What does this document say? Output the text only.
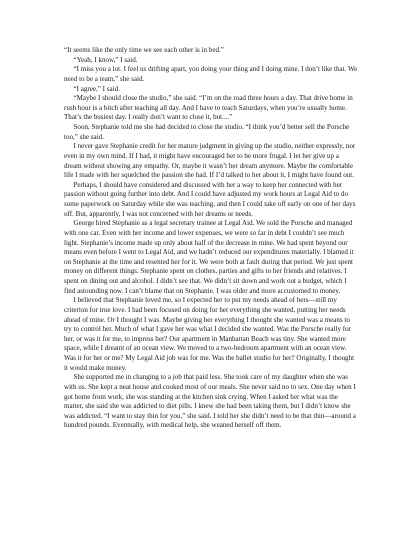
“It seems like the only time we see each other is in bed.”

“Yeah, I know,” I said.

“I miss you a lot. I feel us drifting apart, you doing your thing and I doing mine. I don’t like that. We need to be a team,” she said.

“I agree,” I said.

“Maybe I should close the studio,” she said. “I’m on the road three hours a day. That drive home in rush hour is a bitch after teaching all day. And I have to teach Saturdays, when you’re usually home. That’s the busiest day. I really don’t want to close it, but....”

Soon, Stephanie told me she had decided to close the studio. “I think you’d better sell the Porsche too,” she said.

I never gave Stephanie credit for her mature judgment in giving up the studio, neither expressly, nor even in my own mind. If I had, it might have encouraged her to be more frugal. I let her give up a dream without showing any empathy. Or, maybe it wasn’t her dream anymore. Maybe the comfortable life I made with her squelched the passion she had. If I’d talked to her about it, I might have found out.

Perhaps, I should have considered and discussed with her a way to keep her connected with her passion without going further into debt. And I could have adjusted my work hours at Legal Aid to do some paperwork on Saturday while she was teaching, and then I could take off early on one of her days off. But, apparently, I was not concerned with her dreams or needs.

George hired Stephanie as a legal secretary trainee at Legal Aid. We sold the Porsche and managed with one car. Even with her income and lower expenses, we were so far in debt I couldn’t see much light. Stephanie’s income made up only about half of the decrease in mine. We had spent beyond our means even before I went to Legal Aid, and we hadn’t reduced our expenditures materially. I blamed it on Stephanie at the time and resented her for it. We were both at fault during that period. We just spent money on different things. Stephanie spent on clothes, parties and gifts to her friends and relatives. I spent on dining out and alcohol. I didn’t see that. We didn’t sit down and work out a budget, which I find astounding now. I can’t blame that on Stephanie. I was older and more accustomed to money.

I believed that Stephanie loved me, so I expected her to put my needs ahead of hers—still my criterion for true love. I had been focused on doing for her everything she wanted, putting her needs ahead of mine. Or I thought I was. Maybe giving her everything I thought she wanted was a means to try to control her. Much of what I gave her was what I decided she wanted. Was the Porsche really for her, or was it for me, to impress her? Our apartment in Manhattan Beach was tiny. She wanted more space, while I dreamt of an ocean view. We moved to a two-bedroom apartment with an ocean view. Was it for her or me? My Legal Aid job was for me. Was the ballet studio for her? Originally, I thought it would make money.

She supported me in changing to a job that paid less. She took care of my daughter when she was with us. She kept a neat house and cooked most of our meals. She never said no to sex. One day when I got home from work, she was standing at the kitchen sink crying. When I asked her what was the matter, she said she was addicted to diet pills. I knew she had been taking them, but I didn’t know she was addicted. “I want to stay thin for you,” she said. I told her she didn’t need to be that thin—around a hundred pounds. Eventually, with medical help, she weaned herself off them.
